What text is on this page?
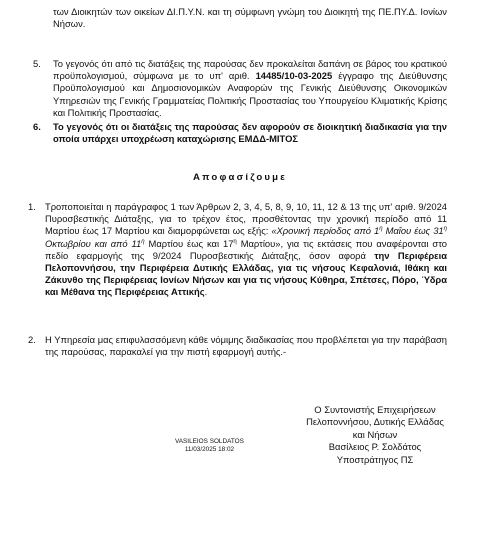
των Διοικητών των οικείων ΔΙ.Π.Υ.Ν. και τη σύμφωνη γνώμη του Διοικητή της ΠΕ.ΠΥ.Δ. Ιονίων Νήσων.
5.	Το γεγονός ότι από τις διατάξεις της παρούσας δεν προκαλείται δαπάνη σε βάρος του κρατικού προϋπολογισμού, σύμφωνα με το υπ' αριθ. 14485/10-03-2025 έγγραφο της Διεύθυνσης Προϋπολογισμού και Δημοσιονομικών Αναφορών της Γενικής Διεύθυνσης Οικονομικών Υπηρεσιών της Γενικής Γραμματείας Πολιτικής Προστασίας του Υπουργείου Κλιματικής Κρίσης και Πολιτικής Προστασίας.
6.	Το γεγονός ότι οι διατάξεις της παρούσας δεν αφορούν σε διοικητική διαδικασία για την οποία υπάρχει υποχρέωση καταχώρισης ΕΜΔΔ-ΜΙΤΟΣ
Αποφασίζουμε
1. Τροποποιείται η παράγραφος 1 των Άρθρων 2, 3, 4, 5, 8, 9, 10, 11, 12 & 13 της υπ' αριθ. 9/2024 Πυροσβεστικής Διάταξης, για το τρέχον έτος, προσθέτοντας την χρονική περίοδο από 11 Μαρτίου έως 17 Μαρτίου και διαμορφώνεται ως εξής: «Χρονική περίοδος από $1^\eta$ Μαΐου έως $31^\eta$ Οκτωβρίου και από $11^\eta$ Μαρτίου έως και $17^\eta$ Μαρτίου», για τις εκτάσεις που αναφέρονται στο πεδίο εφαρμογής της 9/2024 Πυροσβεστικής Διάταξης, όσον αφορά την Περιφέρεια Πελοποννήσου, την Περιφέρεια Δυτικής Ελλάδας, για τις νήσους Κεφαλονιά, Ιθάκη και Ζάκυνθο της Περιφέρειας Ιονίων Νήσων και για τις νήσους Κύθηρα, Σπέτσες, Πόρο, Ύδρα και Μέθανα της Περιφέρειας Αττικής.
2. Η Υπηρεσία μας επιφυλασσόμενη κάθε νόμιμης διαδικασίας που προβλέπεται για την παράβαση της παρούσας, παρακαλεί για την πιστή εφαρμογή αυτής.-
VASILEIOS SOLDATOS
11/03/2025 18:02
Ο Συντονιστής Επιχειρήσεων
Πελοποννήσου, Δυτικής Ελλάδας
και Νήσων
Βασίλειος Ρ. Σολδάτος
Υποστράτηγος ΠΣ
